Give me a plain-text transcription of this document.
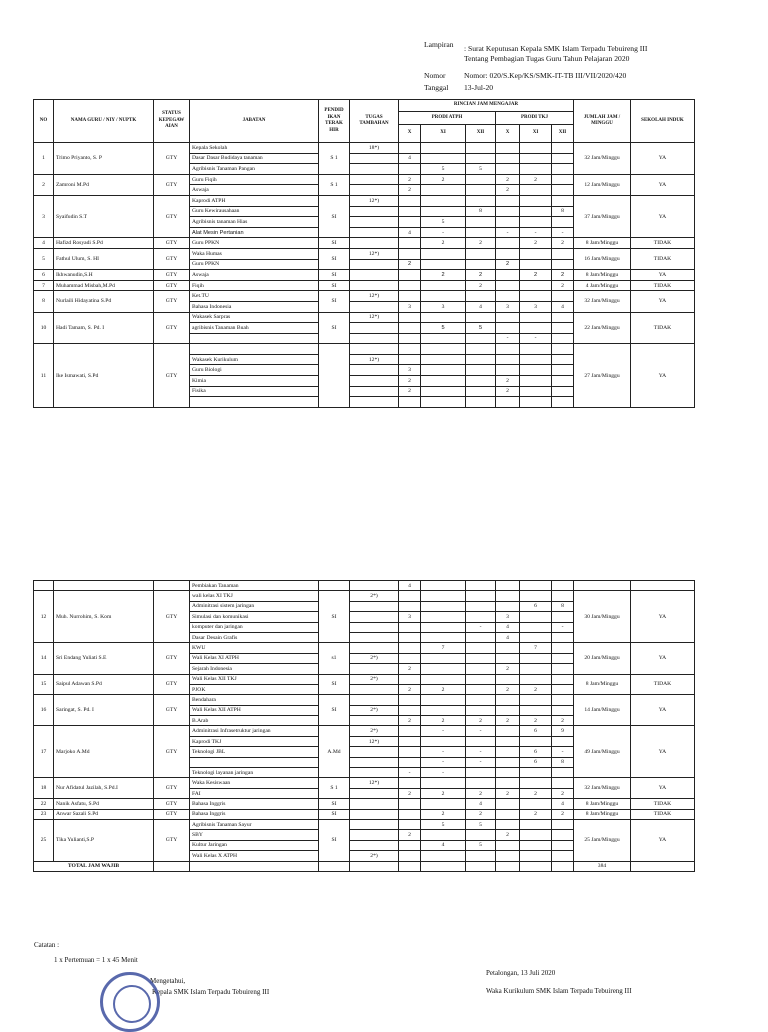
Lampiran : Surat Keputusan Kepala SMK Islam Terpadu Tebuireng III
Tentang Pembagian Tugas Guru Tahun Pelajaran 2020
Nomor Nomor: 020/S.Kep/KS/SMK-IT-TB III/VII/2020/420
Tanggal 13-Jul-20
NO	NAMA GURU / NIY / NUPTK	STATUS KEPEGAW AIAN	JABATAN	PENDID IKAN TERAK HIR	TUGAS TAMBAHAN	RINCIAN JAM MENGAJAR						JUMLAH JAM / MINGGU	SEKOLAH INDUK
						PRODI ATPH			PRODI TKJ				
						X	XI	XII	X	XI	XII		
1	Trimo Priyanto, S. P	GTY	Kepala Sekolah	S 1	18*)							32 Jam/Minggu	YA
			Dasar Dasar Budidaya tanaman			4							
			Agribisnis Tanaman Pangan				5	5					
2	Zamroni M.Pd	GTY	Guru Fiqih	S 1		2	2		2	2		12 Jam/Minggu	YA
			Aswaja			2			2				
3	Syaifudin S.T	GTY	Kaprodi ATPH	SI	12*)							37 Jam/Minggu	YA
			Guru Kewirausahaan					8			8		
			Agribisnis tanaman Hias				5						
			Alat Mesin Pertanian			4	-		-	-	-		
4	Hafizd Rosyadi S.Pd	GTY	Guru PPKN	SI			2	2		2	2	8 Jam/Minggu	TIDAK
5	Fathul Ulum, S. HI	GTY	Waka Humas	SI	12*)							16 Jam/Minggu	TIDAK
			Guru PPKN			2			2				
6	Ikhwanudin,S.H	GTY	Aswaja	SI			2	2		2	2	8 Jam/Minggu	YA
7	Muhammad Misbah,M.Pd	GTY	Fiqih	SI				2			2	4 Jam/Minggu	TIDAK
8	Nurlaili Hidayatina S.Pd	GTY	Ket.TU	SI	12*)							32 Jam/Minggu	YA
			Bahasa Indonesia			3	3	4	3	3	4		
10	Hadi Tamam, S. Pd. I	GTY	Wakasek Sarpras	SI	12*)							22 Jam/Minggu	TIDAK
			agribisnis Tanaman Buah				5	5					
									-	-			
11	Ike Ismawati, S.Pd	GTY										27 Jam/Minggu	YA
			Wakasek Kurikulum		12*)								
			Guru Biologi			3							
			Kimia			2			2				
			Fisika			2			2				

			Pembiakan Tanaman			4							
12	Muh. Nurrohim, S. Kom	GTY	wali kelas XI TKJ	SI	2*)							30 Jam/Minggu	YA
			Adminitrasi sistem jaringan							6	8		
			Simulasi dan komunikasi			3			3				
			komputer dan jaringan					-	4		-		
			Dasar Desain Grafis						4				
14	Sri Endang Yuliati S.E	GTY	KWU	s1			7			7		20 Jam/Minggu	YA
			Wali Kelas XI ATPH		2*)								
			Sejarah Indonesia			2			2				
15	Saipul Adawan S.Pd	GTY	Wali Kelas XII TKJ	SI	2*)							8 Jam/Minggu	TIDAK
			PJOK			2	2		2	2			
16	Saringat, S. Pd. I	GTY	Bendahara	SI								14 Jam/Minggu	YA
			Wali Kelas XII ATPH		2*)								
			B.Arab			2	2	2	2	2	2		
17	Marjoko A.Md	GTY	Adminitrasi Infrasetruktur jaringan	A.Md	2*)		-	-		6	9	49 Jam/Minggu	YA
			Kaprodi TKJ		12*)								
			Teknologi JBL				-	-		6	-		
							-	-		6	8		
			Teknologi layanan jaringan			-	-						
18	Nur Afidatul Jazilah, S.Pd.I	GTY	Waka Kesiswaan	S 1	12*)							32 Jam/Minggu	YA
			FAI			2	2	2	2	2	2		
22	Nanik Asfatu, S.Pd	GTY	Bahasa Inggris	SI				4			4	8 Jam/Minggu	TIDAK
23	Anwar Sazali S.Pd	GTY	Bahasa Inggris	SI			2	2		2	2	8 Jam/Minggu	TIDAK
25	Tika Yulianti,S.P	GTY	Agribisnis Tanaman Sayur	SI			5	5				25 Jam/Minggu	YA
			SBY			2			2				
			Kultur Jaringan				4	5					
			Wali Kelas X ATPH		2*)								
TOTAL JAM WAJIB												384	
Catatan :
1 x Pertemuan = 1 x 45 Menit
Mengetahui,
Kepala SMK Islam Terpadu Tebuireng III
Petalongan, 13 Juli 2020
Waka Kurikulum SMK Islam Terpadu Tebuireng III
